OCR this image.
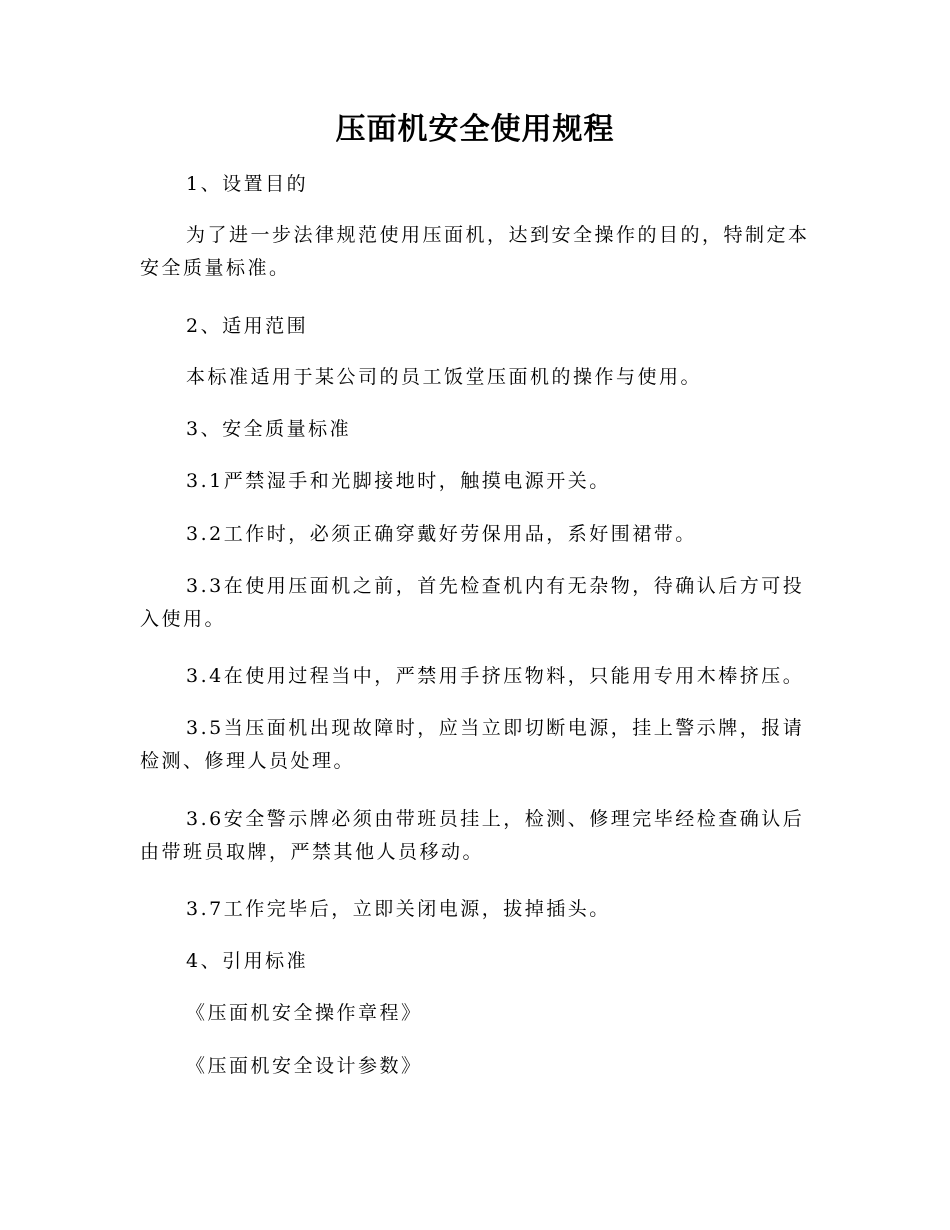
压面机安全使用规程

1、设置目的

为了进一步法律规范使用压面机，达到安全操作的目的，特制定本安全质量标准。

2、适用范围

本标准适用于某公司的员工饭堂压面机的操作与使用。

3、安全质量标准

3.1严禁湿手和光脚接地时，触摸电源开关。

3.2工作时，必须正确穿戴好劳保用品，系好围裙带。

3.3在使用压面机之前，首先检查机内有无杂物，待确认后方可投入使用。

3.4在使用过程当中，严禁用手挤压物料，只能用专用木棒挤压。

3.5当压面机出现故障时，应当立即切断电源，挂上警示牌，报请检测、修理人员处理。

3.6安全警示牌必须由带班员挂上，检测、修理完毕经检查确认后由带班员取牌，严禁其他人员移动。

3.7工作完毕后，立即关闭电源，拔掉插头。

4、引用标准

《压面机安全操作章程》

《压面机安全设计参数》
